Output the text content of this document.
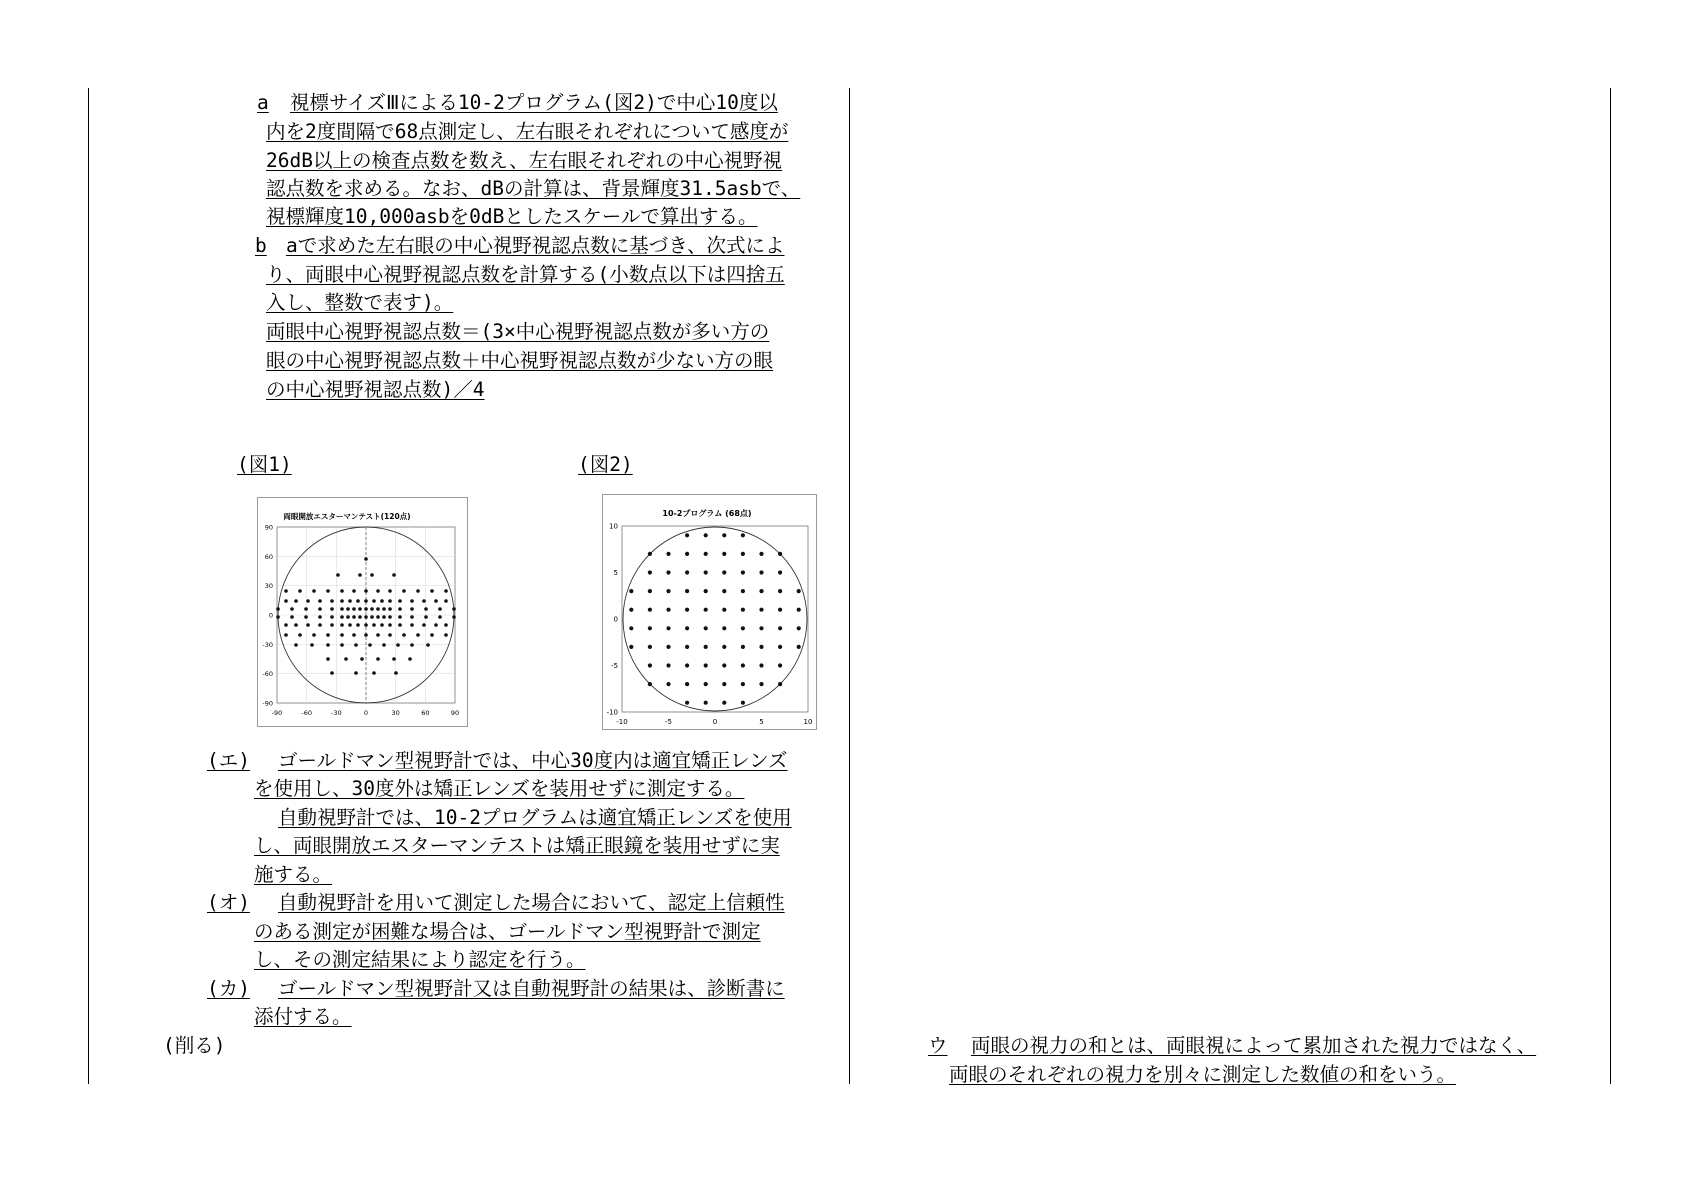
a 視標サイズⅢによる10-2プログラム(図2)で中心10度以
内を2度間隔で68点測定し、左右眼それぞれについて感度が
26dB以上の検査点数を数え、左右眼それぞれの中心視野視
認点数を求める。なお、dBの計算は、背景輝度31.5asbで、
視標輝度10,000asbを0dBとしたスケールで算出する。
b aで求めた左右眼の中心視野視認点数に基づき、次式によ
り、両眼中心視野視認点数を計算する(小数点以下は四捨五
入し、整数で表す)。
両眼中心視野視認点数＝(3×中心視野視認点数が多い方の
眼の中心視野視認点数＋中心視野視認点数が少ない方の眼
の中心視野視認点数)／4
(図1)	(図2)
両眼開放エスターマンテスト(120点)
90
60
30
0
-30
-60
-90
-90	-60	-30	0	30	60	90
10-2プログラム (68点)
10
5
0
-5
-10
-10	-5	0	5	10
(エ) ゴールドマン型視野計では、中心30度内は適宜矯正レンズ
を使用し、30度外は矯正レンズを装用せずに測定する。
自動視野計では、10-2プログラムは適宜矯正レンズを使用
し、両眼開放エスターマンテストは矯正眼鏡を装用せずに実
施する。
(オ) 自動視野計を用いて測定した場合において、認定上信頼性
のある測定が困難な場合は、ゴールドマン型視野計で測定
し、その測定結果により認定を行う。
(カ) ゴールドマン型視野計又は自動視野計の結果は、診断書に
添付する。
(削る)	ウ 両眼の視力の和とは、両眼視によって累加された視力ではなく、
両眼のそれぞれの視力を別々に測定した数値の和をいう。
